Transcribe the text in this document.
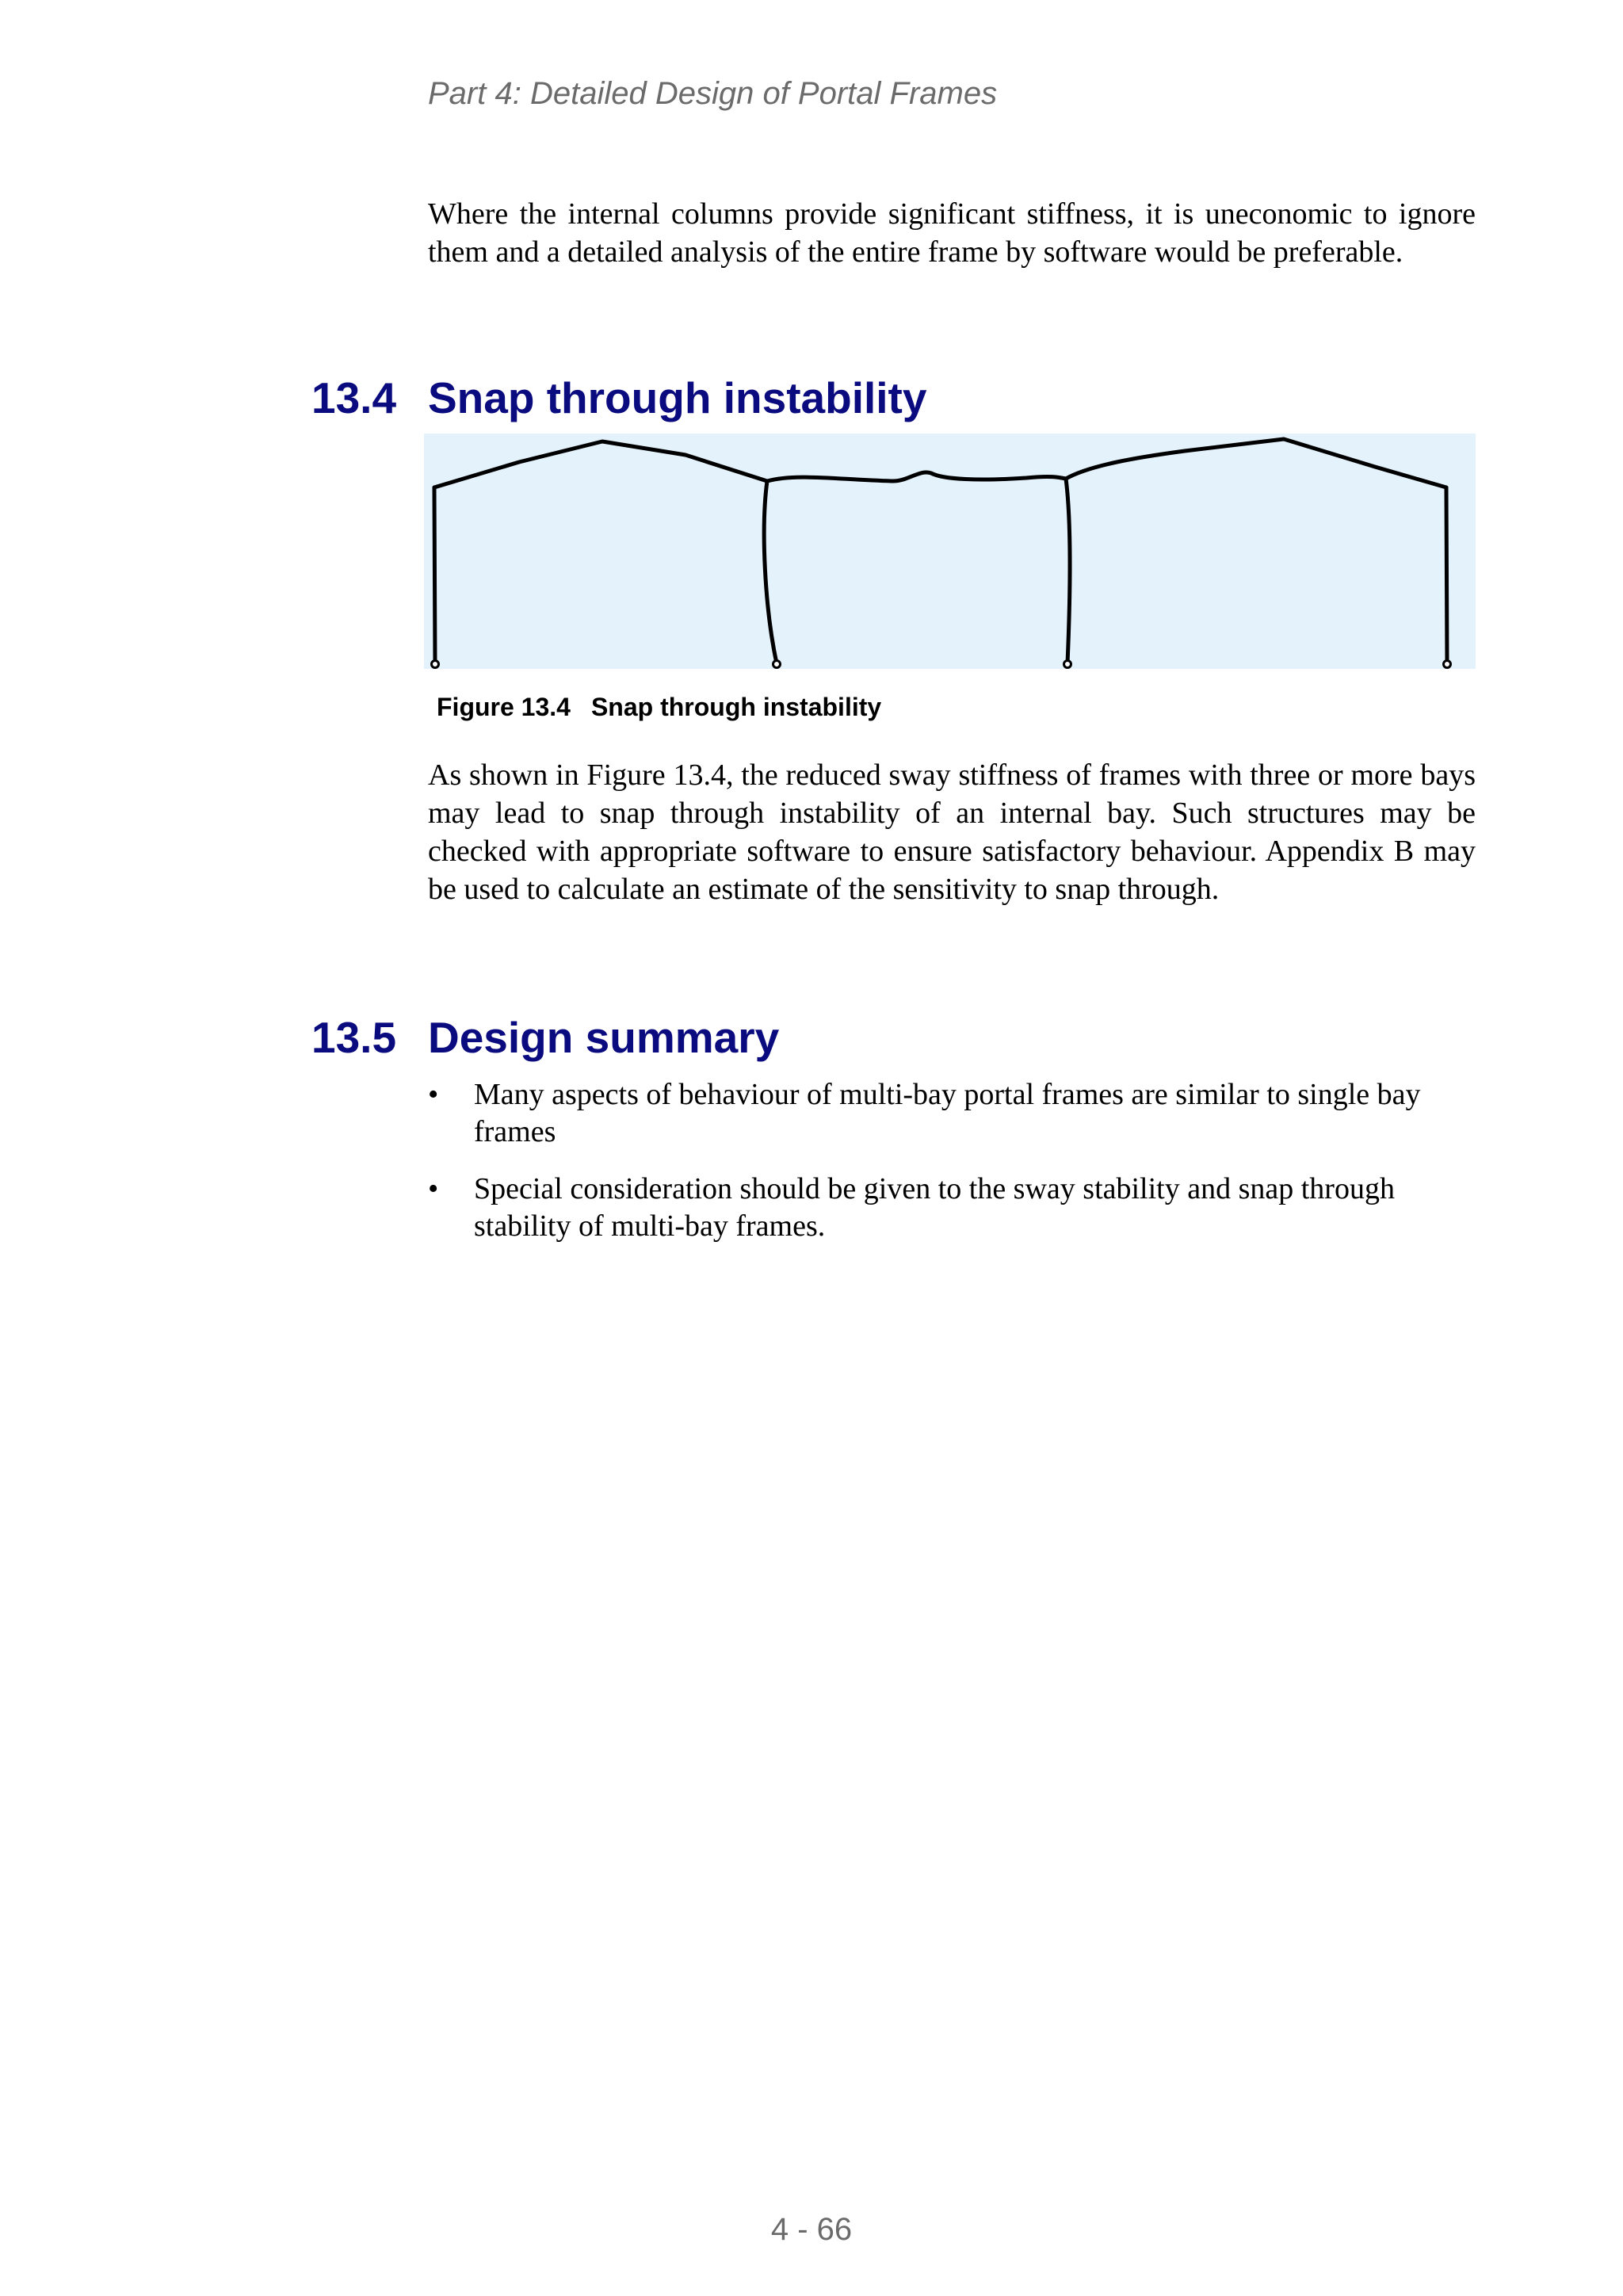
Part 4: Detailed Design of Portal Frames

Where the internal columns provide significant stiffness, it is uneconomic to ignore them and a detailed analysis of the entire frame by software would be preferable.

13.4 Snap through instability
Figure 13.4 Snap through instability

As shown in Figure 13.4, the reduced sway stiffness of frames with three or more bays may lead to snap through instability of an internal bay. Such structures may be checked with appropriate software to ensure satisfactory behaviour. Appendix B may be used to calculate an estimate of the sensitivity to snap through.

13.5 Design summary
• Many aspects of behaviour of multi-bay portal frames are similar to single bay frames
• Special consideration should be given to the sway stability and snap through stability of multi-bay frames.
4 - 66
